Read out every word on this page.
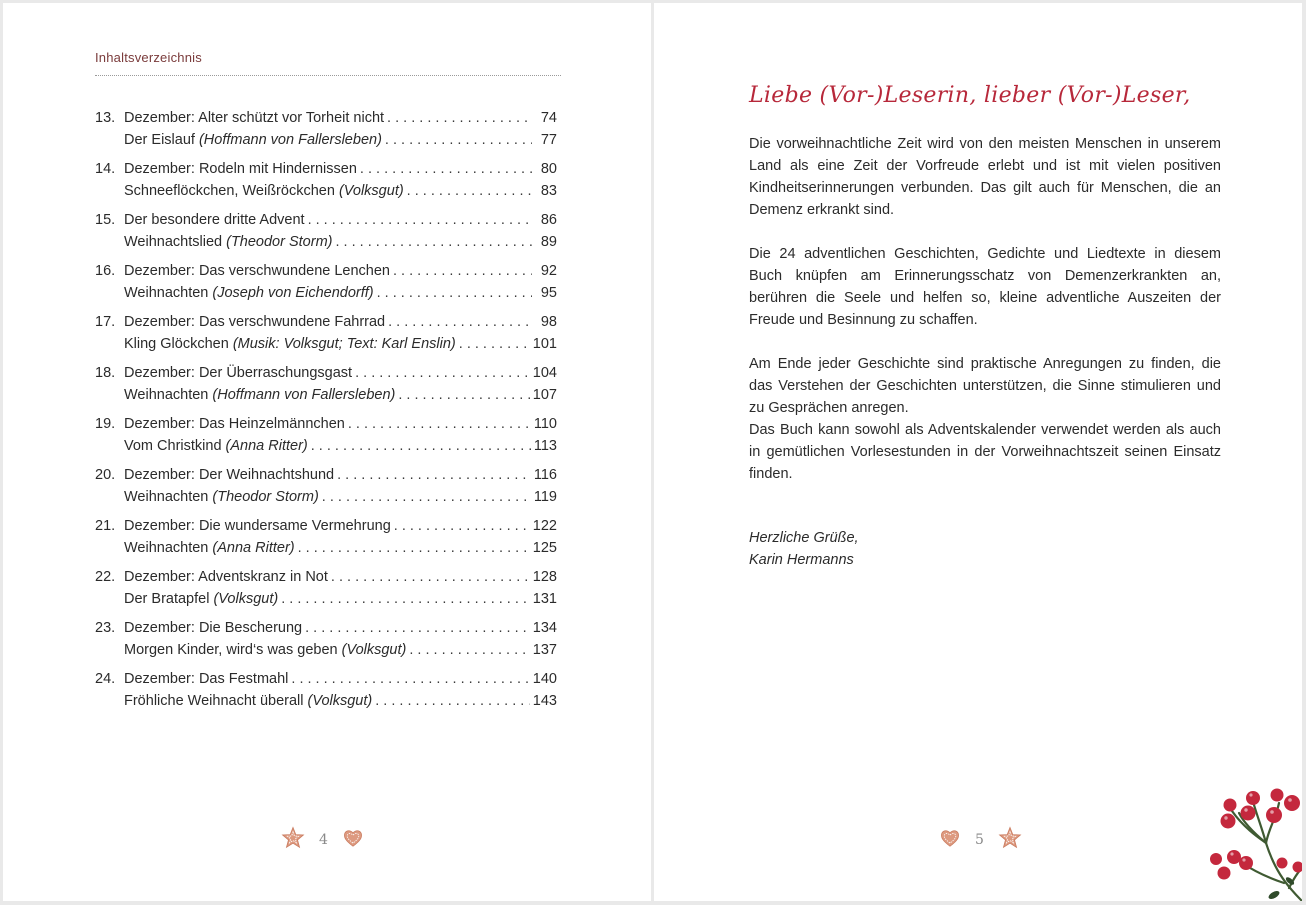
Inhaltsverzeichnis
13. Dezember: Alter schützt vor Torheit nicht . . .	74
Der Eislauf (Hoffmann von Fallersleben) . . .	77
14. Dezember: Rodeln mit Hindernissen . . .	80
Schneeflöckchen, Weißröckchen (Volksgut) . . .	83
15. Der besondere dritte Advent . . .	86
Weihnachtslied (Theodor Storm) . . .	89
16. Dezember: Das verschwundene Lenchen . . .	92
Weihnachten (Joseph von Eichendorff) . . .	95
17. Dezember: Das verschwundene Fahrrad . . .	98
Kling Glöckchen (Musik: Volksgut; Text: Karl Enslin) . . .	101
18. Dezember: Der Überraschungsgast . . .	104
Weihnachten (Hoffmann von Fallersleben) . . .	107
19. Dezember: Das Heinzelmännchen . . .	110
Vom Christkind (Anna Ritter) . . .	113
20. Dezember: Der Weihnachtshund . . .	116
Weihnachten (Theodor Storm) . . .	119
21. Dezember: Die wundersame Vermehrung . . .	122
Weihnachten (Anna Ritter) . . .	125
22. Dezember: Adventskranz in Not . . .	128
Der Bratapfel (Volksgut) . . .	131
23. Dezember: Die Bescherung . . .	134
Morgen Kinder, wird‘s was geben (Volksgut) . . .	137
24. Dezember: Das Festmahl . . .	140
Fröhliche Weihnacht überall (Volksgut) . . .	143
4
Liebe (Vor-)Leserin, lieber (Vor-)Leser,

Die vorweihnachtliche Zeit wird von den meisten Menschen in unserem Land als eine Zeit der Vorfreude erlebt und ist mit vielen positiven Kindheitserinnerungen verbunden. Das gilt auch für Menschen, die an Demenz erkrankt sind.

Die 24 adventlichen Geschichten, Gedichte und Liedtexte in diesem Buch knüpfen am Erinnerungsschatz von Demenzerkrankten an, berühren die Seele und helfen so, kleine adventliche Auszeiten der Freude und Besinnung zu schaffen.

Am Ende jeder Geschichte sind praktische Anregungen zu finden, die das Verstehen der Geschichten unterstützen, die Sinne stimulieren und zu Gesprächen anregen.

Das Buch kann sowohl als Adventskalender verwendet werden als auch in gemütlichen Vorlesestunden in der Vorweihnachtszeit seinen Einsatz finden.

Herzliche Grüße,
Karin Hermanns
5
